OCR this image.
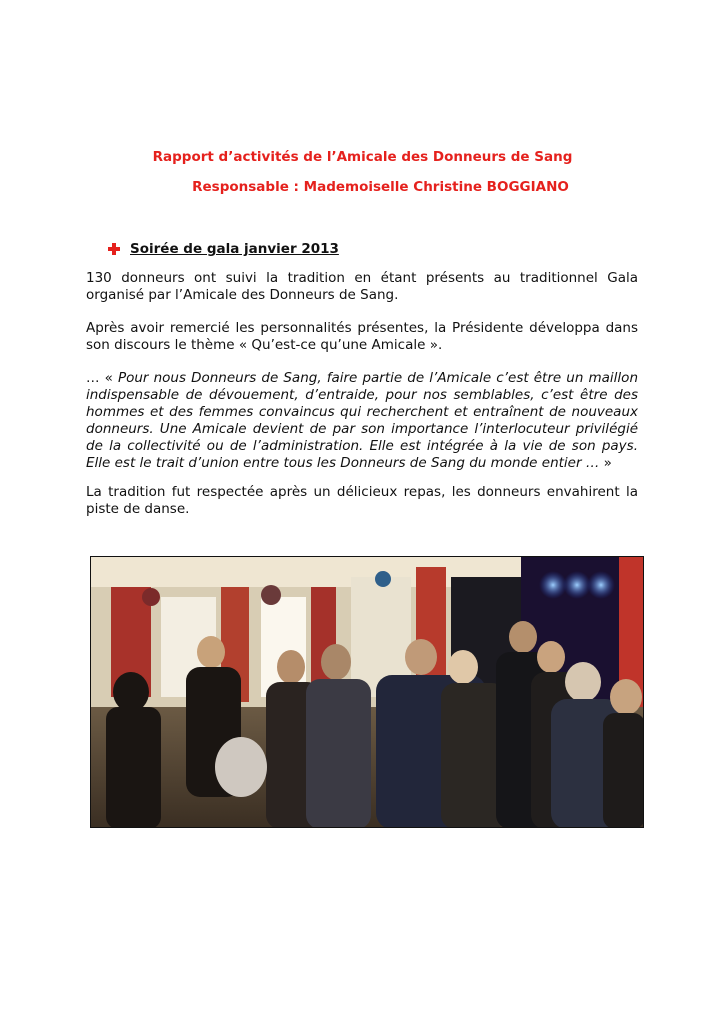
Rapport d’activités de l’Amicale des Donneurs de Sang
Responsable : Mademoiselle Christine BOGGIANO
Soirée de gala janvier 2013
130 donneurs ont suivi la tradition en étant présents au traditionnel Gala organisé par l’Amicale des Donneurs de Sang.
Après avoir remercié les personnalités présentes, la Présidente développa dans son discours le thème « Qu’est-ce qu’une Amicale ».
… « Pour nous Donneurs de Sang, faire partie de l’Amicale c’est être un maillon indispensable de dévouement, d’entraide, pour nos semblables, c’est être des hommes et des femmes convaincus qui recherchent et entraînent de nouveaux donneurs. Une Amicale devient de par son importance l’interlocuteur privilégié de la collectivité ou de l’administration. Elle est intégrée à la vie de son pays. Elle est le trait d’union entre tous les Donneurs de Sang du monde entier … »
La tradition fut respectée après un délicieux repas, les donneurs envahirent la piste de danse.
